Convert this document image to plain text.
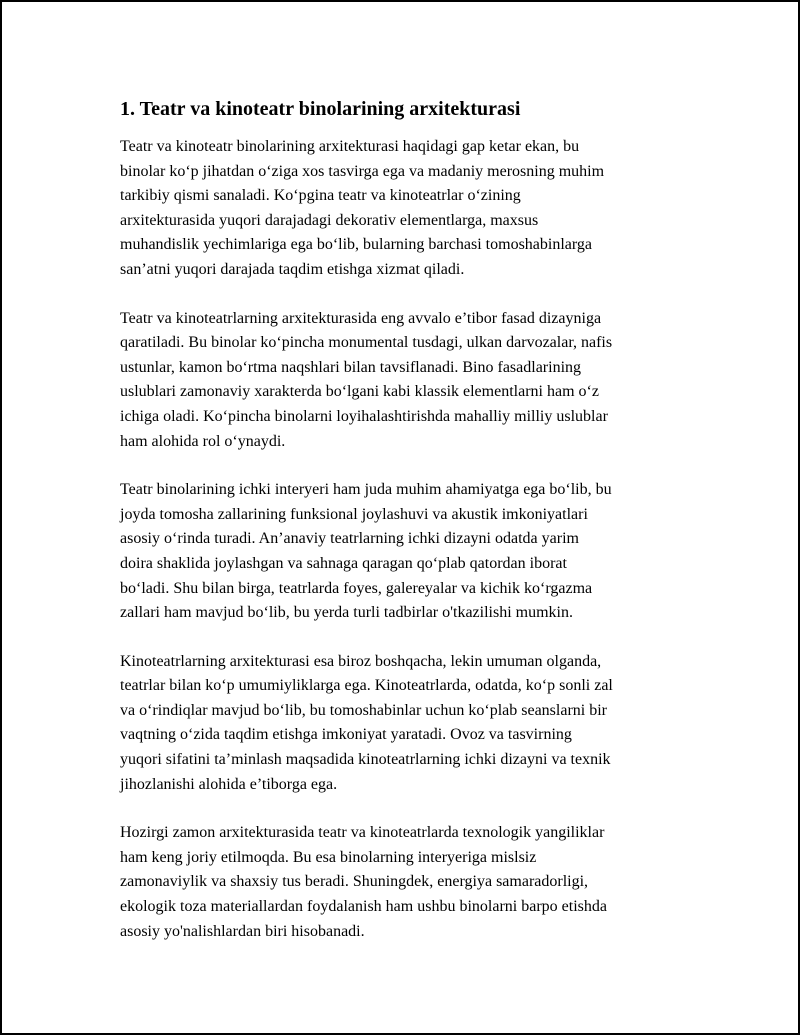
1. Teatr va kinoteatr binolarining arxitekturasi

Teatr va kinoteatr binolarining arxitekturasi haqidagi gap ketar ekan, bu
binolar ko‘p jihatdan o‘ziga xos tasvirga ega va madaniy merosning muhim
tarkibiy qismi sanaladi. Ko‘pgina teatr va kinoteatrlar o‘zining
arxitekturasida yuqori darajadagi dekorativ elementlarga, maxsus
muhandislik yechimlariga ega bo‘lib, bularning barchasi tomoshabinlarga
san’atni yuqori darajada taqdim etishga xizmat qiladi.

Teatr va kinoteatrlarning arxitekturasida eng avvalo e’tibor fasad dizayniga
qaratiladi. Bu binolar ko‘pincha monumental tusdagi, ulkan darvozalar, nafis
ustunlar, kamon bo‘rtma naqshlari bilan tavsiflanadi. Bino fasadlarining
uslublari zamonaviy xarakterda bo‘lgani kabi klassik elementlarni ham o‘z
ichiga oladi. Ko‘pincha binolarni loyihalashtirishda mahalliy milliy uslublar
ham alohida rol o‘ynaydi.

Teatr binolarining ichki interyeri ham juda muhim ahamiyatga ega bo‘lib, bu
joyda tomosha zallarining funksional joylashuvi va akustik imkoniyatlari
asosiy o‘rinda turadi. An’anaviy teatrlarning ichki dizayni odatda yarim
doira shaklida joylashgan va sahnaga qaragan qo‘plab qatordan iborat
bo‘ladi. Shu bilan birga, teatrlarda foyes, galereyalar va kichik ko‘rgazma
zallari ham mavjud bo‘lib, bu yerda turli tadbirlar o'tkazilishi mumkin.

Kinoteatrlarning arxitekturasi esa biroz boshqacha, lekin umuman olganda,
teatrlar bilan ko‘p umumiyliklarga ega. Kinoteatrlarda, odatda, ko‘p sonli zal
va o‘rindiqlar mavjud bo‘lib, bu tomoshabinlar uchun ko‘plab seanslarni bir
vaqtning o‘zida taqdim etishga imkoniyat yaratadi. Ovoz va tasvirning
yuqori sifatini ta’minlash maqsadida kinoteatrlarning ichki dizayni va texnik
jihozlanishi alohida e’tiborga ega.

Hozirgi zamon arxitekturasida teatr va kinoteatrlarda texnologik yangiliklar
ham keng joriy etilmoqda. Bu esa binolarning interyeriga mislsiz
zamonaviylik va shaxsiy tus beradi. Shuningdek, energiya samaradorligi,
ekologik toza materiallardan foydalanish ham ushbu binolarni barpo etishda
asosiy yo'nalishlardan biri hisobanadi.
